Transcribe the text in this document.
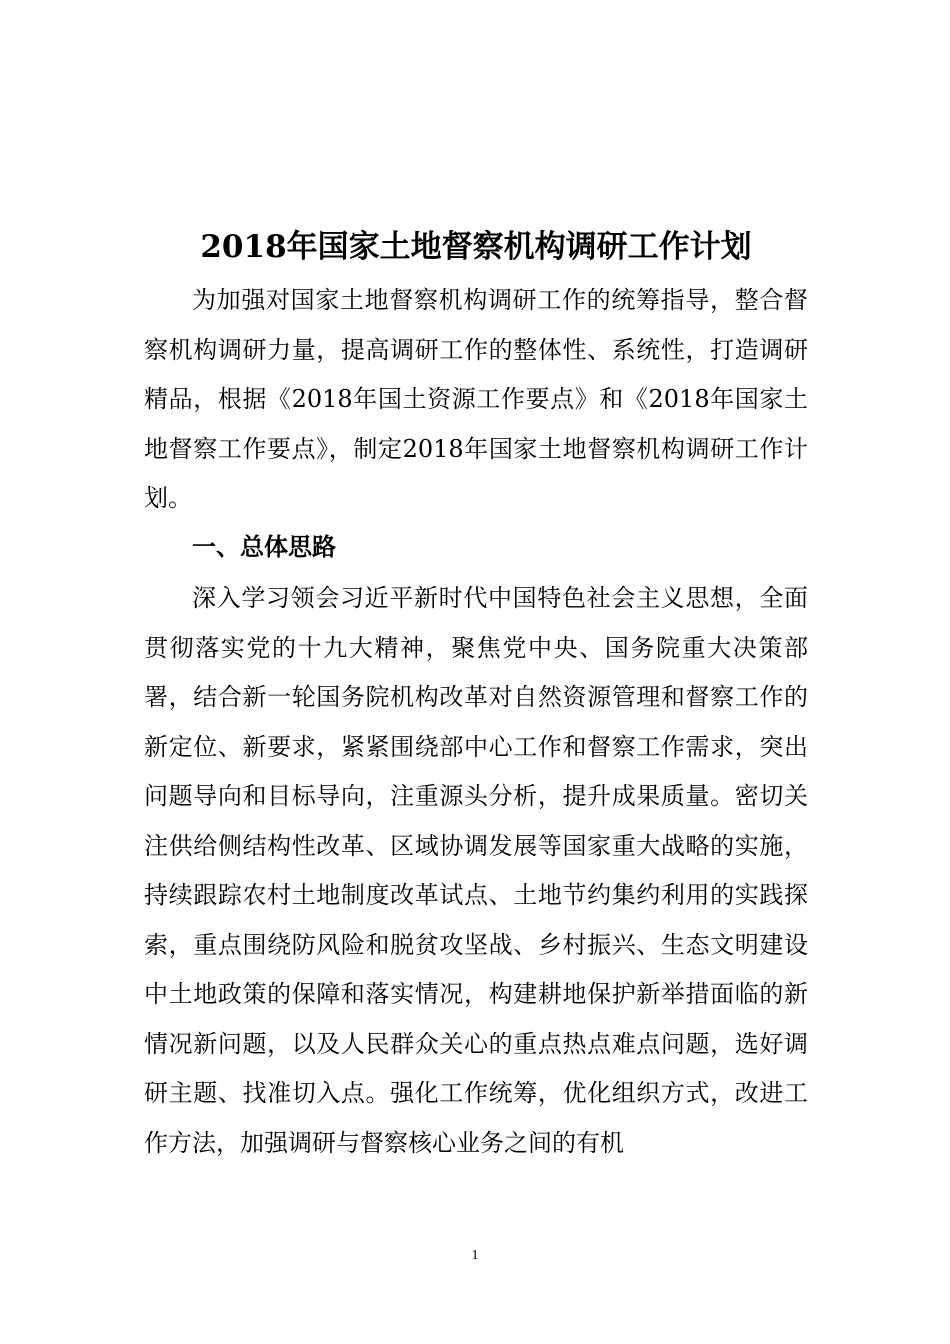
2018年国家土地督察机构调研工作计划
为加强对国家土地督察机构调研工作的统筹指导，整合督察机构调研力量，提高调研工作的整体性、系统性，打造调研精品，根据《2018年国土资源工作要点》和《2018年国家土地督察工作要点》，制定2018年国家土地督察机构调研工作计划。
一、总体思路
深入学习领会习近平新时代中国特色社会主义思想，全面贯彻落实党的十九大精神，聚焦党中央、国务院重大决策部署，结合新一轮国务院机构改革对自然资源管理和督察工作的新定位、新要求，紧紧围绕部中心工作和督察工作需求，突出问题导向和目标导向，注重源头分析，提升成果质量。密切关注供给侧结构性改革、区域协调发展等国家重大战略的实施，持续跟踪农村土地制度改革试点、土地节约集约利用的实践探索，重点围绕防风险和脱贫攻坚战、乡村振兴、生态文明建设中土地政策的保障和落实情况，构建耕地保护新举措面临的新情况新问题，以及人民群众关心的重点热点难点问题，选好调研主题、找准切入点。强化工作统筹，优化组织方式，改进工作方法，加强调研与督察核心业务之间的有机
1
